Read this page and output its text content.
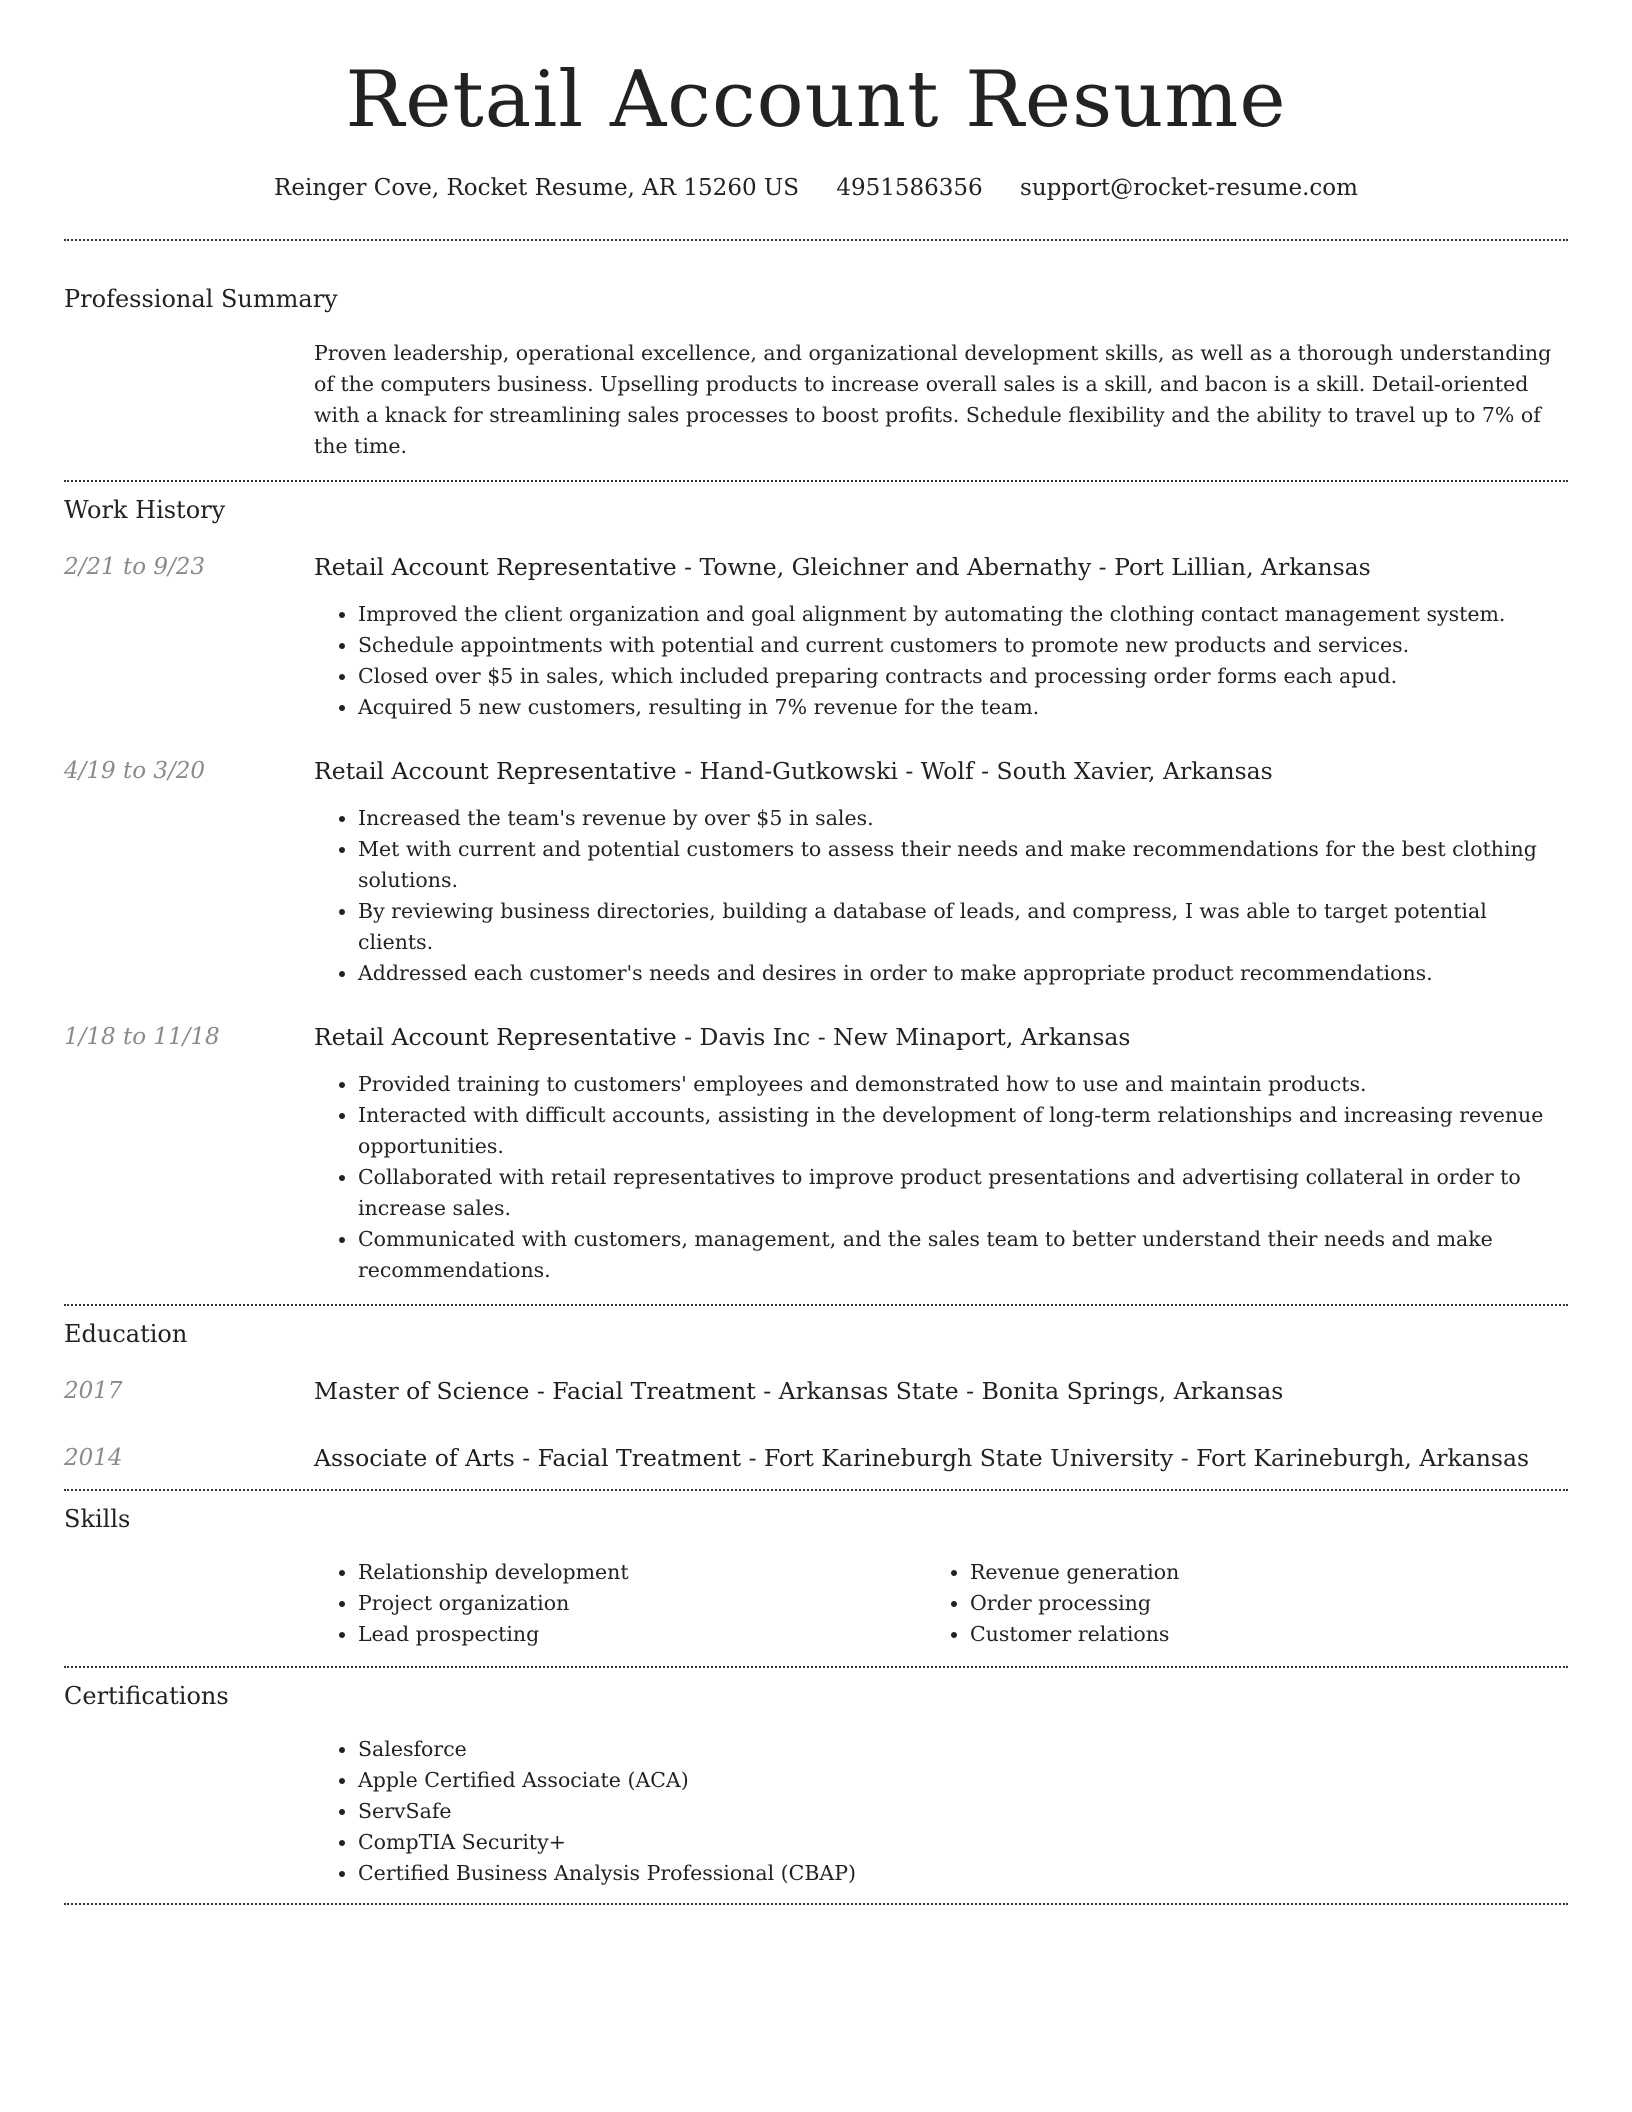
Retail Account Resume
Reinger Cove, Rocket Resume, AR 15260 US 4951586356 support@rocket-resume.com
Professional Summary

Proven leadership, operational excellence, and organizational development skills, as well as a thorough understanding of the computers business. Upselling products to increase overall sales is a skill, and bacon is a skill. Detail-oriented with a knack for streamlining sales processes to boost profits. Schedule flexibility and the ability to travel up to 7% of the time.

Work History
2/21 to 9/23	Retail Account Representative - Towne, Gleichner and Abernathy - Port Lillian, Arkansas
• Improved the client organization and goal alignment by automating the clothing contact management system.
• Schedule appointments with potential and current customers to promote new products and services.
• Closed over $5 in sales, which included preparing contracts and processing order forms each apud.
• Acquired 5 new customers, resulting in 7% revenue for the team.
4/19 to 3/20	Retail Account Representative - Hand-Gutkowski - Wolf - South Xavier, Arkansas
• Increased the team's revenue by over $5 in sales.
• Met with current and potential customers to assess their needs and make recommendations for the best clothing solutions.
• By reviewing business directories, building a database of leads, and compress, I was able to target potential clients.
• Addressed each customer's needs and desires in order to make appropriate product recommendations.
1/18 to 11/18	Retail Account Representative - Davis Inc - New Minaport, Arkansas
• Provided training to customers' employees and demonstrated how to use and maintain products.
• Interacted with difficult accounts, assisting in the development of long-term relationships and increasing revenue opportunities.
• Collaborated with retail representatives to improve product presentations and advertising collateral in order to increase sales.
• Communicated with customers, management, and the sales team to better understand their needs and make recommendations.
Education
2017	Master of Science - Facial Treatment - Arkansas State - Bonita Springs, Arkansas
2014	Associate of Arts - Facial Treatment - Fort Karineburgh State University - Fort Karineburgh, Arkansas
Skills
• Relationship development
• Project organization
• Lead prospecting
• Revenue generation
• Order processing
• Customer relations
Certifications
• Salesforce
• Apple Certified Associate (ACA)
• ServSafe
• CompTIA Security+
• Certified Business Analysis Professional (CBAP)
